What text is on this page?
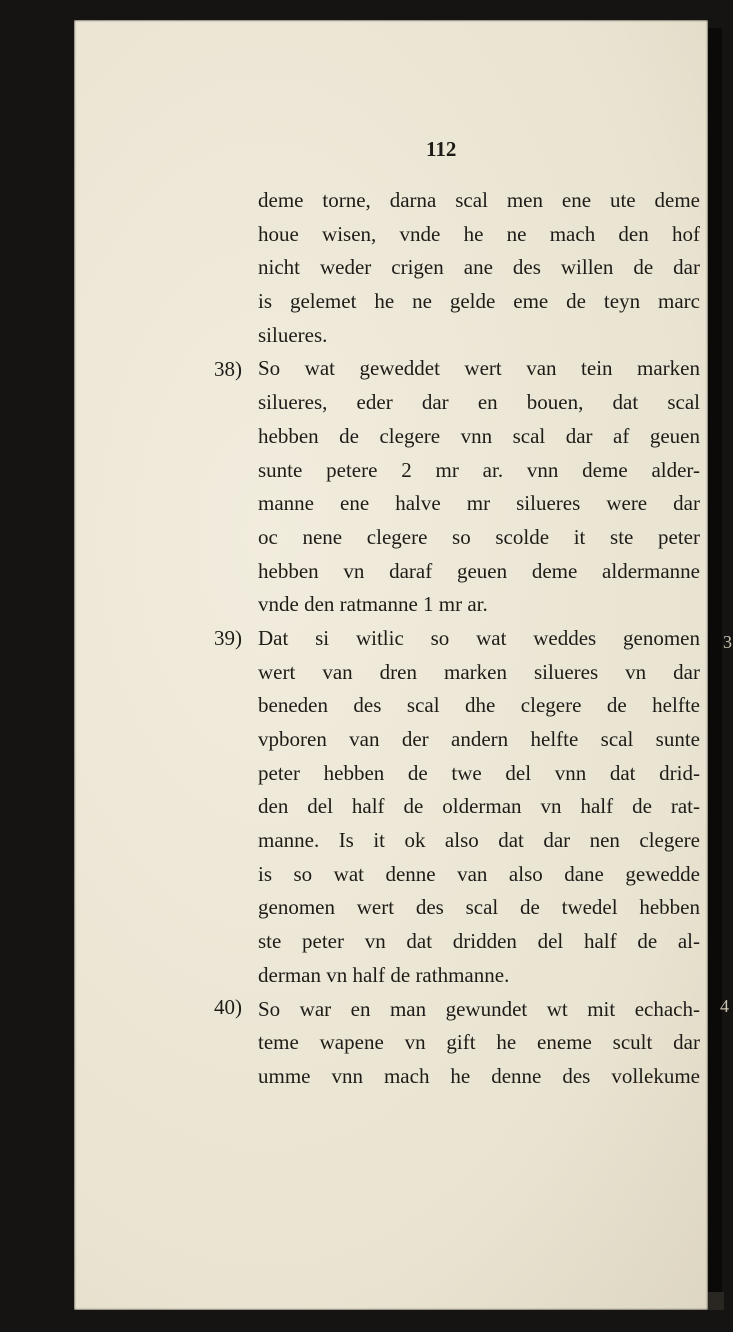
112
38)
39)
40)
3
4
deme torne, darna scal men ene ute deme
houe wisen, vnde he ne mach den hof
nicht weder crigen ane des willen de dar
is gelemet he ne gelde eme de teyn marc
silueres.
So wat geweddet wert van tein marken
silueres, eder dar en bouen, dat scal
hebben de clegere vnn scal dar af geuen
sunte petere 2 mr ar. vnn deme alder-
manne ene halve mr silueres were dar
oc nene clegere so scolde it ste peter
hebben vn daraf geuen deme aldermanne
vnde den ratmanne 1 mr ar.
Dat si witlic so wat weddes genomen
wert van dren marken silueres vn dar
beneden des scal dhe clegere de helfte
vpboren van der andern helfte scal sunte
peter hebben de twe del vnn dat drid-
den del half de olderman vn half de rat-
manne. Is it ok also dat dar nen clegere
is so wat denne van also dane gewedde
genomen wert des scal de twedel hebben
ste peter vn dat dridden del half de al-
derman vn half de rathmanne.
So war en man gewundet wt mit echach-
teme wapene vn gift he eneme scult dar
umme vnn mach he denne des vollekume
